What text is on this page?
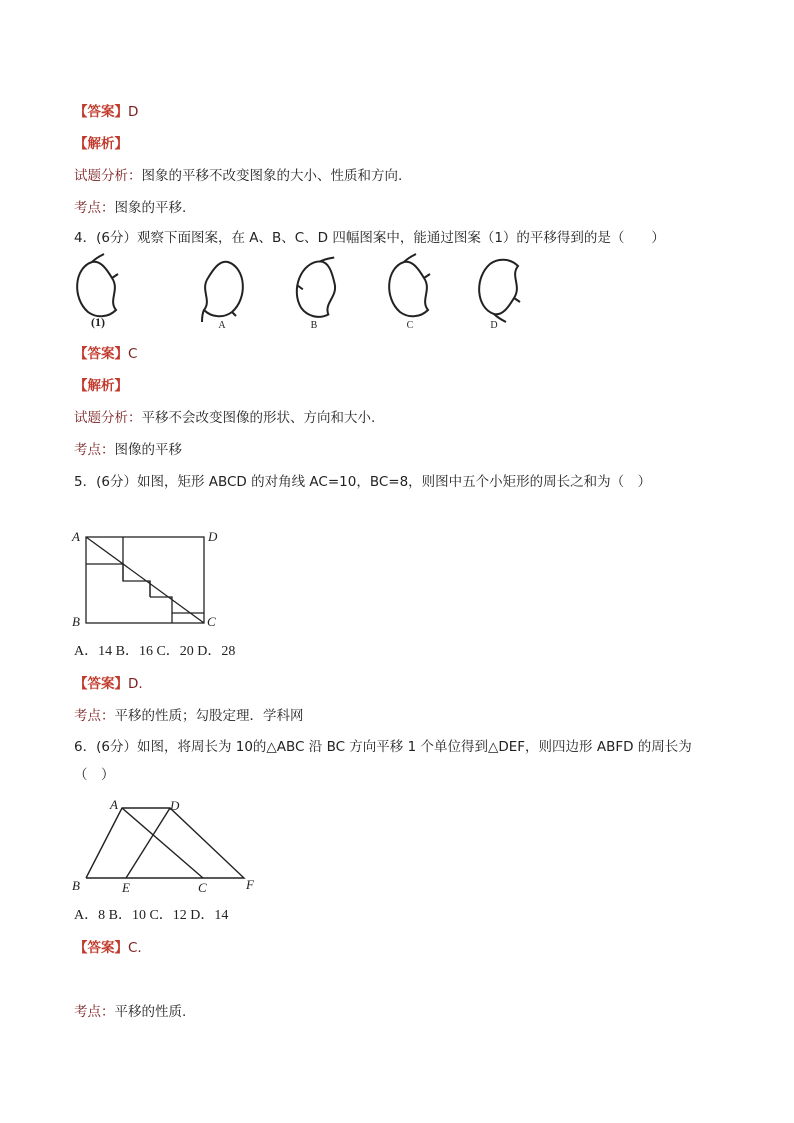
【答案】D
【解析】
试题分析：图象的平移不改变图象的大小、性质和方向.
考点：图象的平移.
4．(6分）观察下面图案，在 A、B、C、D 四幅图案中，能通过图案（1）的平移得到的是（　　）
(1)	A	B	C	D
【答案】C
【解析】
试题分析：平移不会改变图像的形状、方向和大小.
考点：图像的平移
5．(6分）如图，矩形 ABCD 的对角线 AC=10，BC=8，则图中五个小矩形的周长之和为（　）
A	D
B	C
A．14 B．16 C．20 D．28
【答案】D.
考点：平移的性质；勾股定理．学科网
6．(6分）如图，将周长为 10的△ABC 沿 BC 方向平移 1 个单位得到△DEF，则四边形 ABFD 的周长为
（　）
A	D
B	E	C	F
A．8 B．10 C．12 D．14
【答案】C.
考点：平移的性质.
